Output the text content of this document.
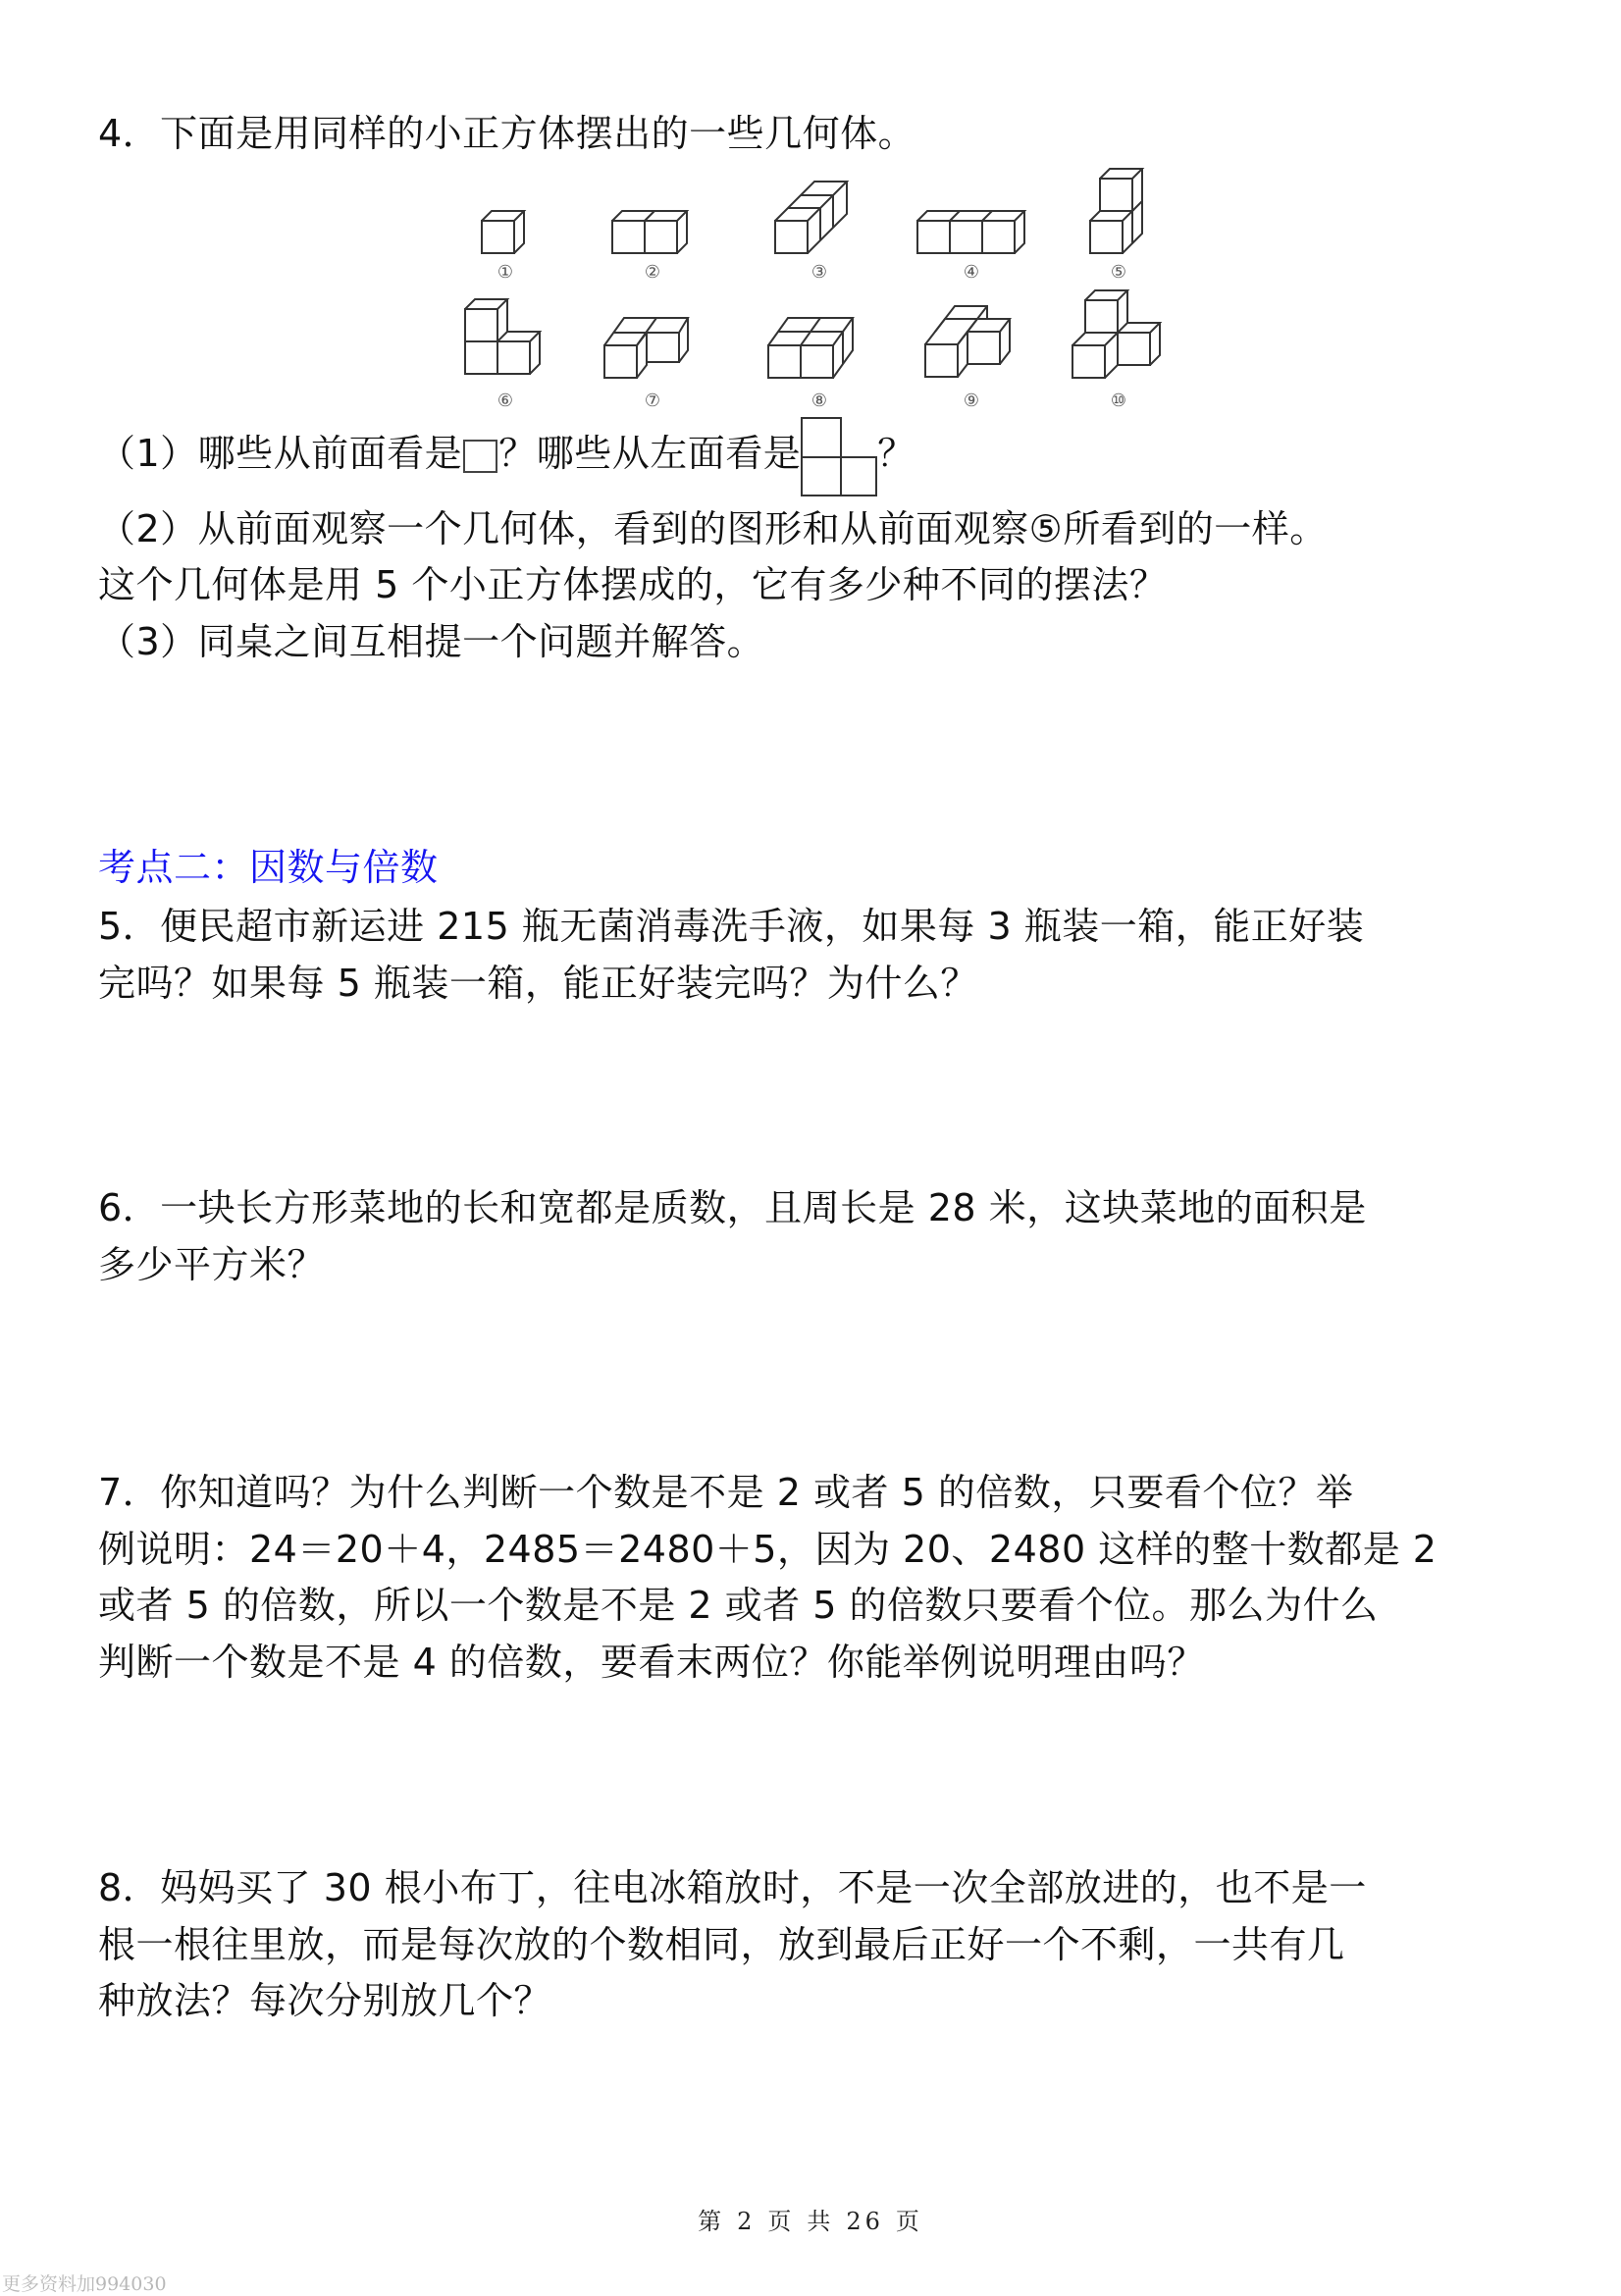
4．下面是用同样的小正方体摆出的一些几何体。
①	②	③	④	⑤
⑥	⑦	⑧	⑨	⑩
（1）哪些从前面看是 ？哪些从左面看是 ？
（2）从前面观察一个几何体，看到的图形和从前面观察⑤所看到的一样。
这个几何体是用 5 个小正方体摆成的，它有多少种不同的摆法？
（3）同桌之间互相提一个问题并解答。
考点二：因数与倍数
5．便民超市新运进 215 瓶无菌消毒洗手液，如果每 3 瓶装一箱，能正好装
完吗？如果每 5 瓶装一箱，能正好装完吗？为什么？
6．一块长方形菜地的长和宽都是质数，且周长是 28 米，这块菜地的面积是
多少平方米？
7．你知道吗？为什么判断一个数是不是 2 或者 5 的倍数，只要看个位？举
例说明：24＝20＋4，2485＝2480＋5，因为 20、2480 这样的整十数都是 2
或者 5 的倍数，所以一个数是不是 2 或者 5 的倍数只要看个位。那么为什么
判断一个数是不是 4 的倍数，要看末两位？你能举例说明理由吗？
8．妈妈买了 30 根小布丁，往电冰箱放时，不是一次全部放进的，也不是一
根一根往里放，而是每次放的个数相同，放到最后正好一个不剩，一共有几
种放法？每次分别放几个？
第 2 页 共 26 页
更多资料加994030
